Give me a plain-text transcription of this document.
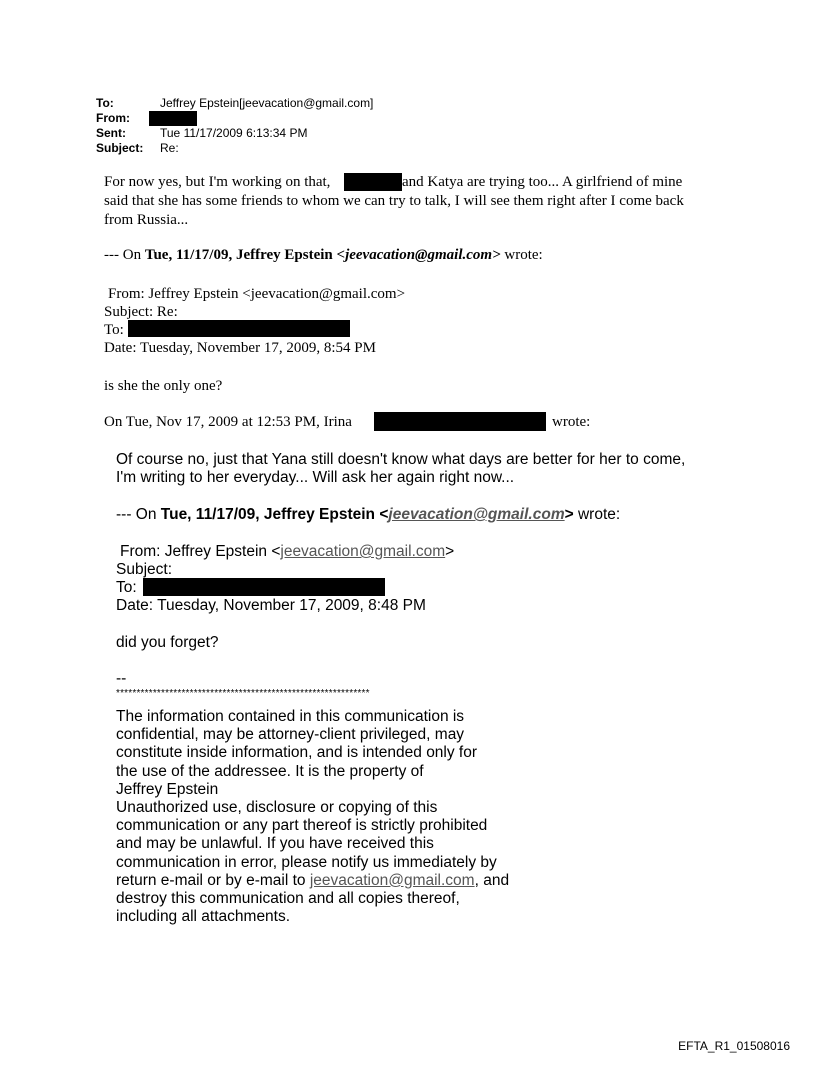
To:	Jeffrey Epstein[jeevacation@gmail.com]
From:
Sent:	Tue 11/17/2009 6:13:34 PM
Subject: Re:
For now yes, but I'm working on that,	and Katya are trying too... A girlfriend of mine
said that she has some friends to whom we can try to talk, I will see them right after I come back
from Russia...
--- On Tue, 11/17/09, Jeffrey Epstein <jeevacation@gmail.com> wrote:
From: Jeffrey Epstein <jeevacation@gmail.com>
Subject: Re:
To:
Date: Tuesday, November 17, 2009, 8:54 PM
is she the only one?
On Tue, Nov 17, 2009 at 12:53 PM, Irina	wrote:
Of course no, just that Yana still doesn't know what days are better for her to come,
I'm writing to her everyday... Will ask her again right now...
--- On Tue, 11/17/09, Jeffrey Epstein <jeevacation@gmail.com> wrote:
From: Jeffrey Epstein <jeevacation@gmail.com>
Subject:
To:
Date: Tuesday, November 17, 2009, 8:48 PM
did you forget?
--
**************************************************************
The information contained in this communication is
confidential, may be attorney-client privileged, may
constitute inside information, and is intended only for
the use of the addressee. It is the property of
Jeffrey Epstein
Unauthorized use, disclosure or copying of this
communication or any part thereof is strictly prohibited
and may be unlawful. If you have received this
communication in error, please notify us immediately by
return e-mail or by e-mail to jeevacation@gmail.com, and
destroy this communication and all copies thereof,
including all attachments.
EFTA_R1_01508016
